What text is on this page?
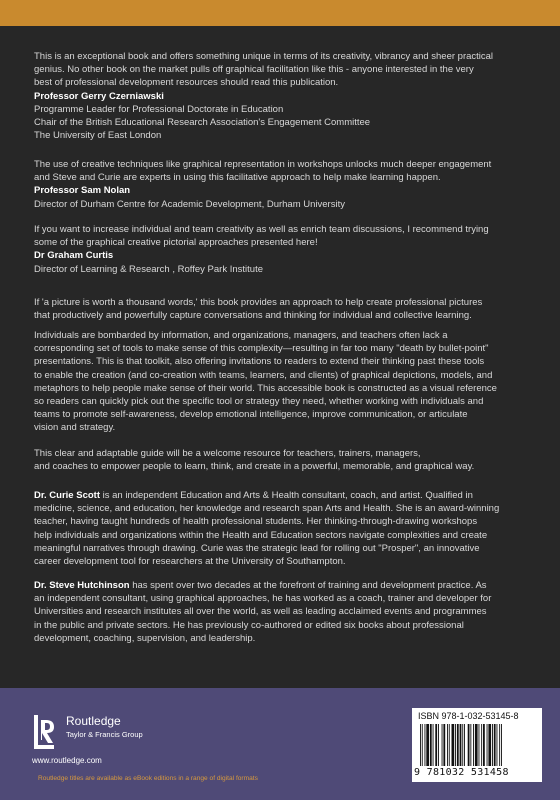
This is an exceptional book and offers something unique in terms of its creativity, vibrancy and sheer practical
genius. No other book on the market pulls off graphical facilitation like this - anyone interested in the very
best of professional development resources should read this publication.
Professor Gerry Czerniawski
Programme Leader for Professional Doctorate in Education
Chair of the British Educational Research Association's Engagement Committee
The University of East London
The use of creative techniques like graphical representation in workshops unlocks much deeper engagement
and Steve and Curie are experts in using this facilitative approach to help make learning happen.
Professor Sam Nolan
Director of Durham Centre for Academic Development, Durham University
If you want to increase individual and team creativity as well as enrich team discussions, I recommend trying
some of the graphical creative pictorial approaches presented here!
Dr Graham Curtis
Director of Learning & Research , Roffey Park Institute
If 'a picture is worth a thousand words,' this book provides an approach to help create professional pictures
that productively and powerfully capture conversations and thinking for individual and collective learning.
Individuals are bombarded by information, and organizations, managers, and teachers often lack a
corresponding set of tools to make sense of this complexity—resulting in far too many "death by bullet-point"
presentations. This is that toolkit, also offering invitations to readers to extend their thinking past these tools
to enable the creation (and co-creation with teams, learners, and clients) of graphical depictions, models, and
metaphors to help people make sense of their world. This accessible book is constructed as a visual reference
so readers can quickly pick out the specific tool or strategy they need, whether working with individuals and
teams to promote self-awareness, develop emotional intelligence, improve communication, or articulate
vision and strategy.
This clear and adaptable guide will be a welcome resource for teachers, trainers, managers,
and coaches to empower people to learn, think, and create in a powerful, memorable, and graphical way.
Dr. Curie Scott is an independent Education and Arts & Health consultant, coach, and artist. Qualified in
medicine, science, and education, her knowledge and research span Arts and Health. She is an award-winning
teacher, having taught hundreds of health professional students. Her thinking-through-drawing workshops
help individuals and organizations within the Health and Education sectors navigate complexities and create
meaningful narratives through drawing. Curie was the strategic lead for rolling out "Prosper", an innovative
career development tool for researchers at the University of Southampton.
Dr. Steve Hutchinson has spent over two decades at the forefront of training and development practice. As
an independent consultant, using graphical approaches, he has worked as a coach, trainer and developer for
Universities and research institutes all over the world, as well as leading acclaimed events and programmes
in the public and private sectors. He has previously co-authored or edited six books about professional
development, coaching, supervision, and leadership.
Routledge
Taylor & Francis Group
www.routledge.com
Routledge titles are available as eBook editions in a range of digital formats
ISBN 978-1-032-53145-8
9 781032 531458
